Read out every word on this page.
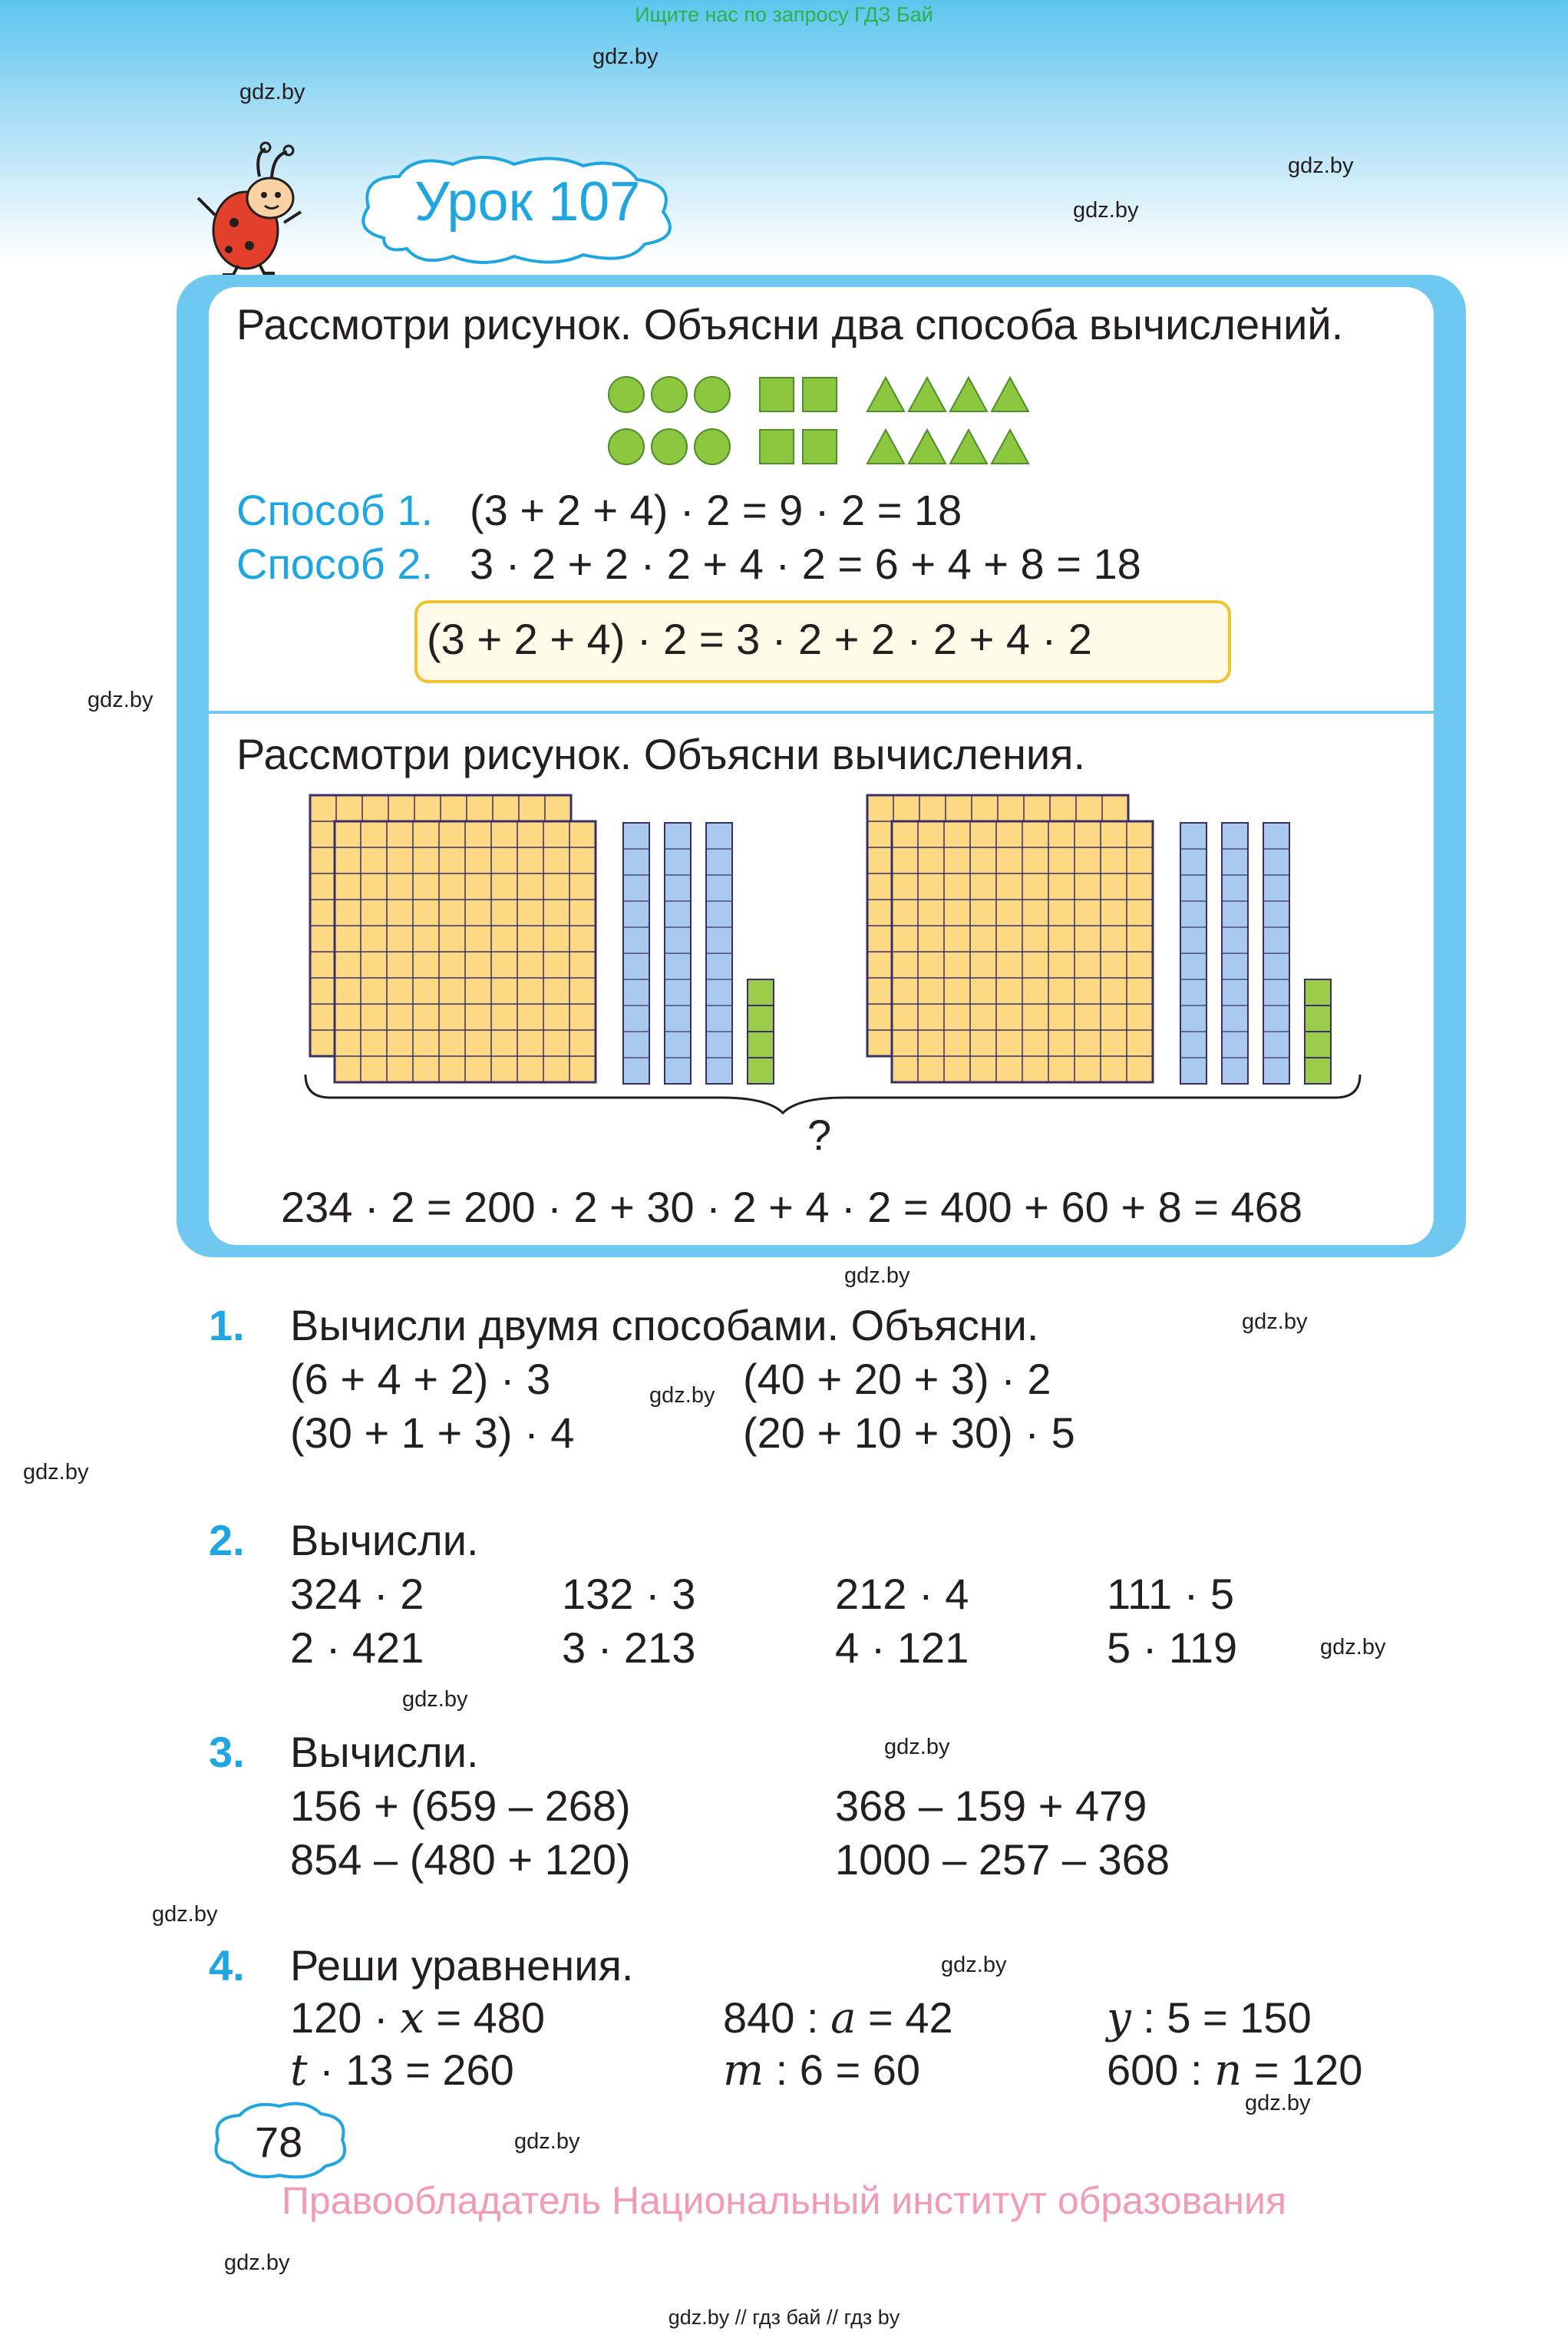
Ищите нас по запросу ГДЗ Бай
gdz.by
gdz.by
gdz.by
gdz.by
gdz.by
gdz.by
gdz.by
gdz.by
gdz.by
gdz.by
gdz.by
gdz.by
gdz.by
gdz.by
gdz.by
gdz.by
gdz.by
Урок 107
Рассмотри рисунок. Объясни два способа вычислений.
Способ 1. (3 + 2 + 4) · 2 = 9 · 2 = 18
Способ 2. 3 · 2 + 2 · 2 + 4 · 2 = 6 + 4 + 8 = 18
(3 + 2 + 4) · 2 = 3 · 2 + 2 · 2 + 4 · 2
Рассмотри рисунок. Объясни вычисления.
?
234 · 2 = 200 · 2 + 30 · 2 + 4 · 2 = 400 + 60 + 8 = 468
1. Вычисли двумя способами. Объясни.
(6 + 4 + 2) · 3	(40 + 20 + 3) · 2
(30 + 1 + 3) · 4	(20 + 10 + 30) · 5
2. Вычисли.
324 · 2	132 · 3	212 · 4	111 · 5
2 · 421	3 · 213	4 · 121	5 · 119
3. Вычисли.
156 + (659 – 268)	368 – 159 + 479
854 – (480 + 120)	1000 – 257 – 368
4. Реши уравнения.
120 · x = 480	840 : a = 42	y : 5 = 150
t · 13 = 260	m : 6 = 60	600 : n = 120
78
Правообладатель Национальный институт образования
gdz.by // гдз бай // гдз by
